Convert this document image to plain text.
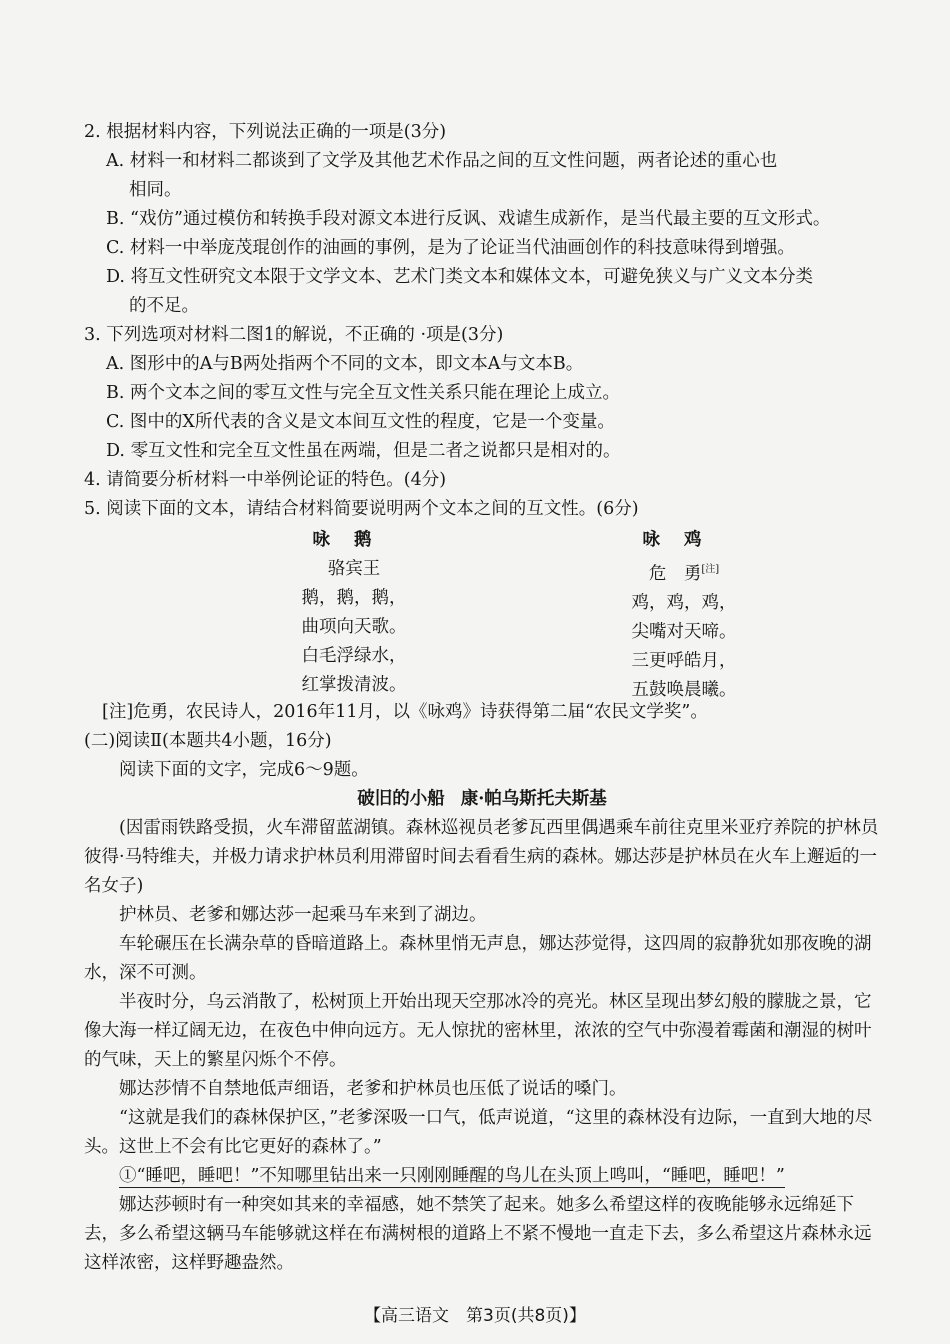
2. 根据材料内容，下列说法正确的一项是(3分)

A. 材料一和材料二都谈到了文学及其他艺术作品之间的互文性问题，两者论述的重心也
相同。

B. “戏仿”通过模仿和转换手段对源文本进行反讽、戏谑生成新作，是当代最主要的互文形式。

C. 材料一中举庞茂琨创作的油画的事例，是为了论证当代油画创作的科技意味得到增强。

D. 将互文性研究文本限于文学文本、艺术门类文本和媒体文本，可避免狭义与广义文本分类
的不足。

3. 下列选项对材料二图1的解说，不正确的 ·项是(3分)

A. 图形中的A与B两处指两个不同的文本，即文本A与文本B。

B. 两个文本之间的零互文性与完全互文性关系只能在理论上成立。

C. 图中的X所代表的含义是文本间互文性的程度，它是一个变量。

D. 零互文性和完全互文性虽在两端，但是二者之说都只是相对的。

4. 请简要分析材料一中举例论证的特色。(4分)

5. 阅读下面的文本，请结合材料简要说明两个文本之间的互文性。(6分)

咏鹅
骆宾王
鹅，鹅，鹅，
曲项向天歌。
白毛浮绿水，
红掌拨清波。
咏鸡
危　勇[注]
鸡，鸡，鸡，
尖嘴对天啼。
三更呼皓月，
五鼓唤晨曦。

[注]危勇，农民诗人，2016年11月，以《咏鸡》诗获得第二届“农民文学奖”。

(二)阅读Ⅱ(本题共4小题，16分)

阅读下面的文字，完成6～9题。

破旧的小船 康·帕乌斯托夫斯基

(因雷雨铁路受损，火车滞留蓝湖镇。森林巡视员老爹瓦西里偶遇乘车前往克里米亚疗养院的护林员彼得·马特维夫，并极力请求护林员利用滞留时间去看看生病的森林。娜达莎是护林员在火车上邂逅的一名女子)

护林员、老爹和娜达莎一起乘马车来到了湖边。

车轮碾压在长满杂草的昏暗道路上。森林里悄无声息，娜达莎觉得，这四周的寂静犹如那夜晚的湖水，深不可测。

半夜时分，乌云消散了，松树顶上开始出现天空那冰冷的亮光。林区呈现出梦幻般的朦胧之景，它像大海一样辽阔无边，在夜色中伸向远方。无人惊扰的密林里，浓浓的空气中弥漫着霉菌和潮湿的树叶的气味，天上的繁星闪烁个不停。

娜达莎情不自禁地低声细语，老爹和护林员也压低了说话的嗓门。

“这就是我们的森林保护区，”老爹深吸一口气，低声说道，“这里的森林没有边际，一直到大地的尽头。这世上不会有比它更好的森林了。”

①“睡吧，睡吧！”不知哪里钻出来一只刚刚睡醒的鸟儿在头顶上鸣叫，“睡吧，睡吧！”

娜达莎顿时有一种突如其来的幸福感，她不禁笑了起来。她多么希望这样的夜晚能够永远绵延下去，多么希望这辆马车能够就这样在布满树根的道路上不紧不慢地一直走下去，多么希望这片森林永远这样浓密，这样野趣盎然。

【高三语文　第3页(共8页)】
